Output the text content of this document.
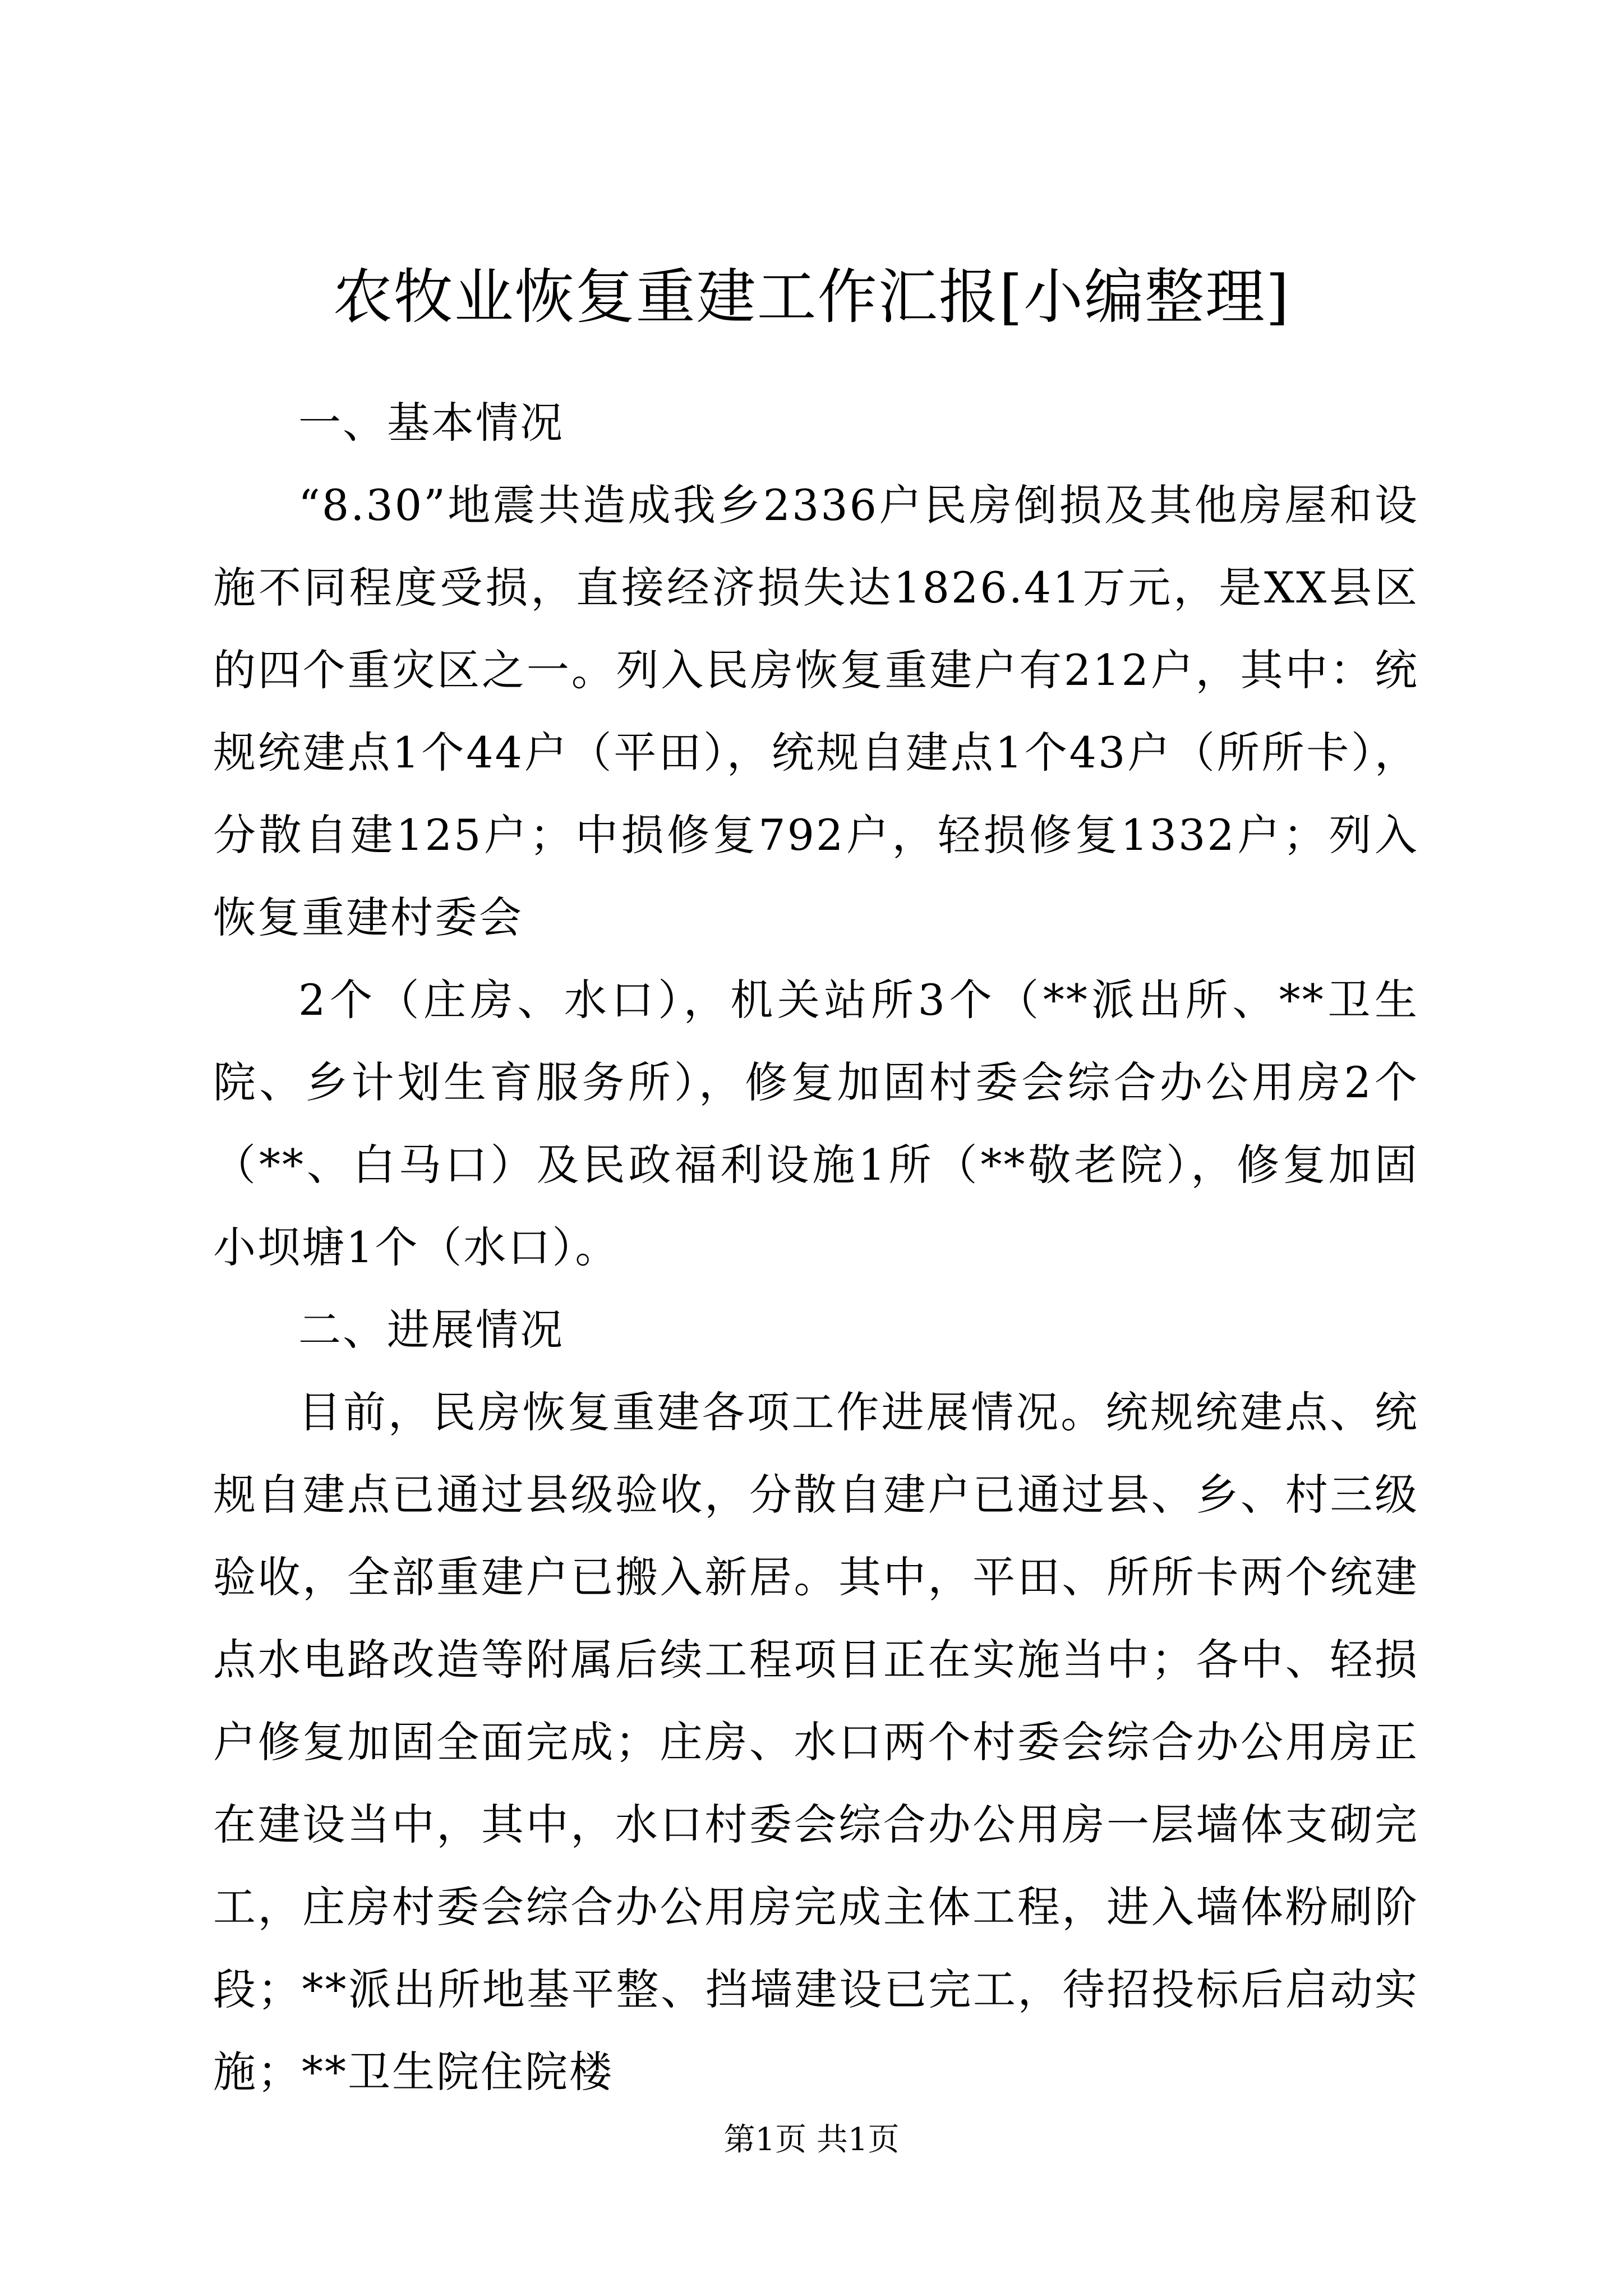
农牧业恢复重建工作汇报[小编整理]

一、基本情况

“8.30”地震共造成我乡2336户民房倒损及其他房屋和设施不同程度受损，直接经济损失达1826.41万元，是XX县区的四个重灾区之一。列入民房恢复重建户有212户，其中：统规统建点1个44户（平田），统规自建点1个43户（所所卡），分散自建125户；中损修复792户，轻损修复1332户；列入恢复重建村委会

2个（庄房、水口），机关站所3个（**派出所、**卫生院、乡计划生育服务所），修复加固村委会综合办公用房2个（**、白马口）及民政福利设施1所（**敬老院），修复加固小坝塘1个（水口）。

二、进展情况

目前，民房恢复重建各项工作进展情况。统规统建点、统规自建点已通过县级验收，分散自建户已通过县、乡、村三级验收，全部重建户已搬入新居。其中，平田、所所卡两个统建点水电路改造等附属后续工程项目正在实施当中；各中、轻损户修复加固全面完成；庄房、水口两个村委会综合办公用房正在建设当中，其中，水口村委会综合办公用房一层墙体支砌完工，庄房村委会综合办公用房完成主体工程，进入墙体粉刷阶段；**派出所地基平整、挡墙建设已完工，待招投标后启动实施；**卫生院住院楼

第1页 共1页
